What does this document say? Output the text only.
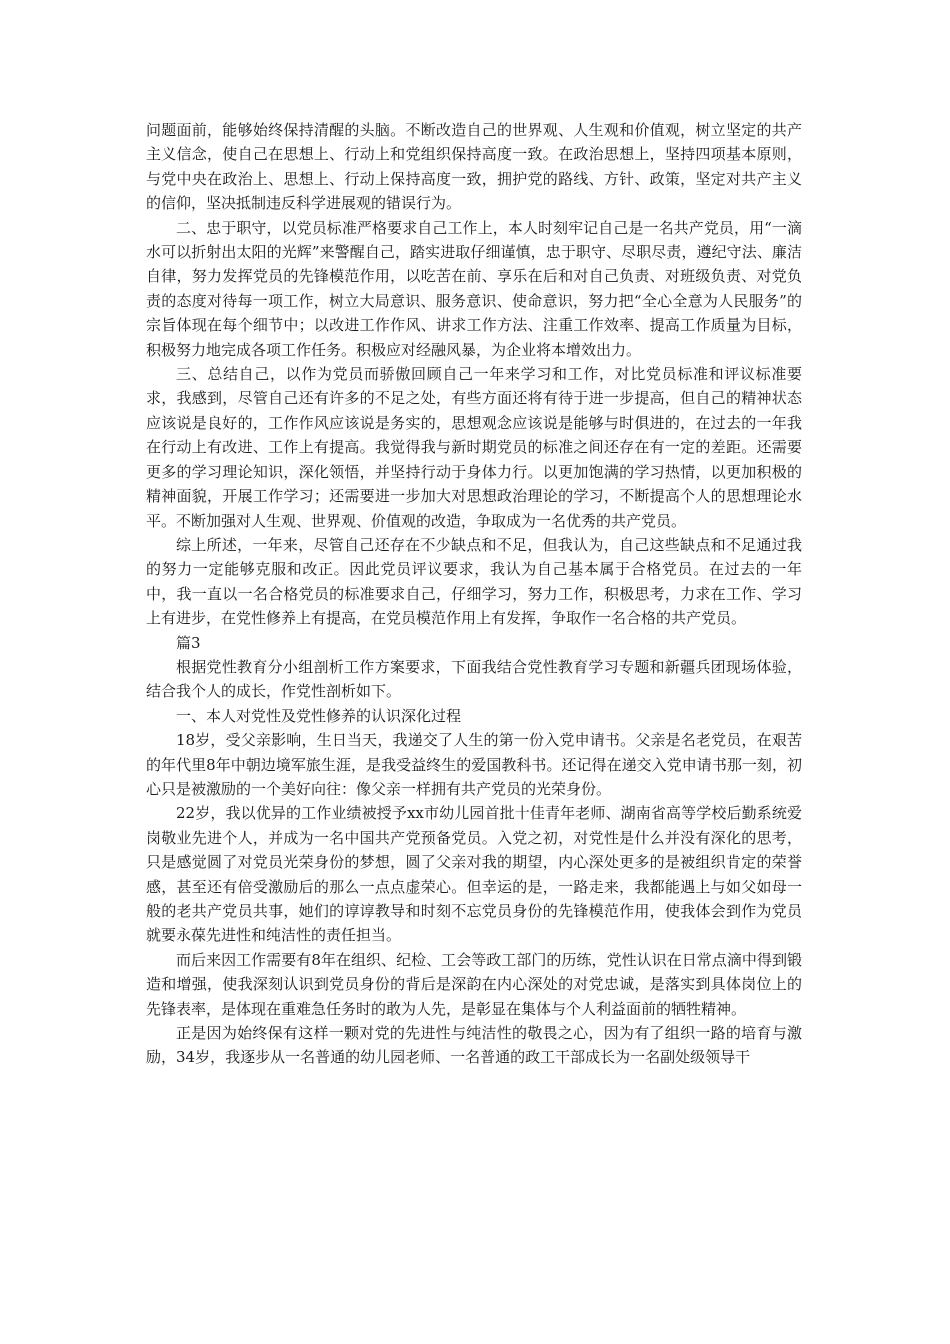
问题面前，能够始终保持清醒的头脑。不断改造自己的世界观、人生观和价值观，树立坚定的共产主义信念，使自己在思想上、行动上和党组织保持高度一致。在政治思想上，坚持四项基本原则，与党中央在政治上、思想上、行动上保持高度一致，拥护党的路线、方针、政策，坚定对共产主义的信仰，坚决抵制违反科学进展观的错误行为。

二、忠于职守，以党员标准严格要求自己工作上，本人时刻牢记自己是一名共产党员，用“一滴水可以折射出太阳的光辉”来警醒自己，踏实进取仔细谨慎，忠于职守、尽职尽责，遵纪守法、廉洁自律，努力发挥党员的先锋模范作用，以吃苦在前、享乐在后和对自己负责、对班级负责、对党负责的态度对待每一项工作，树立大局意识、服务意识、使命意识，努力把“全心全意为人民服务”的宗旨体现在每个细节中；以改进工作作风、讲求工作方法、注重工作效率、提高工作质量为目标，积极努力地完成各项工作任务。积极应对经融风暴，为企业将本增效出力。

三、总结自己，以作为党员而骄傲回顾自己一年来学习和工作，对比党员标准和评议标准要求，我感到，尽管自己还有许多的不足之处，有些方面还将有待于进一步提高，但自己的精神状态应该说是良好的，工作作风应该说是务实的，思想观念应该说是能够与时俱进的，在过去的一年我在行动上有改进、工作上有提高。我觉得我与新时期党员的标准之间还存在有一定的差距。还需要更多的学习理论知识，深化领悟，并坚持行动于身体力行。以更加饱满的学习热情，以更加积极的精神面貌，开展工作学习；还需要进一步加大对思想政治理论的学习，不断提高个人的思想理论水平。不断加强对人生观、世界观、价值观的改造，争取成为一名优秀的共产党员。

综上所述，一年来，尽管自己还存在不少缺点和不足，但我认为，自己这些缺点和不足通过我的努力一定能够克服和改正。因此党员评议要求，我认为自己基本属于合格党员。在过去的一年中，我一直以一名合格党员的标准要求自己，仔细学习，努力工作，积极思考，力求在工作、学习上有进步，在党性修养上有提高，在党员模范作用上有发挥，争取作一名合格的共产党员。

篇3

根据党性教育分小组剖析工作方案要求，下面我结合党性教育学习专题和新疆兵团现场体验，结合我个人的成长，作党性剖析如下。

一、本人对党性及党性修养的认识深化过程

18岁，受父亲影响，生日当天，我递交了人生的第一份入党申请书。父亲是名老党员，在艰苦的年代里8年中朝边境军旅生涯，是我受益终生的爱国教科书。还记得在递交入党申请书那一刻，初心只是被激励的一个美好向往：像父亲一样拥有共产党员的光荣身份。

22岁，我以优异的工作业绩被授予xx市幼儿园首批十佳青年老师、湖南省高等学校后勤系统爱岗敬业先进个人，并成为一名中国共产党预备党员。入党之初，对党性是什么并没有深化的思考，只是感觉圆了对党员光荣身份的梦想，圆了父亲对我的期望，内心深处更多的是被组织肯定的荣誉感，甚至还有倍受激励后的那么一点点虚荣心。但幸运的是，一路走来，我都能遇上与如父如母一般的老共产党员共事，她们的谆谆教导和时刻不忘党员身份的先锋模范作用，使我体会到作为党员就要永葆先进性和纯洁性的责任担当。

而后来因工作需要有8年在组织、纪检、工会等政工部门的历练，党性认识在日常点滴中得到锻造和增强，使我深刻认识到党员身份的背后是深韵在内心深处的对党忠诚，是落实到具体岗位上的先锋表率，是体现在重难急任务时的敢为人先，是彰显在集体与个人利益面前的牺牲精神。

正是因为始终保有这样一颗对党的先进性与纯洁性的敬畏之心，因为有了组织一路的培育与激励，34岁，我逐步从一名普通的幼儿园老师、一名普通的政工干部成长为一名副处级领导干
